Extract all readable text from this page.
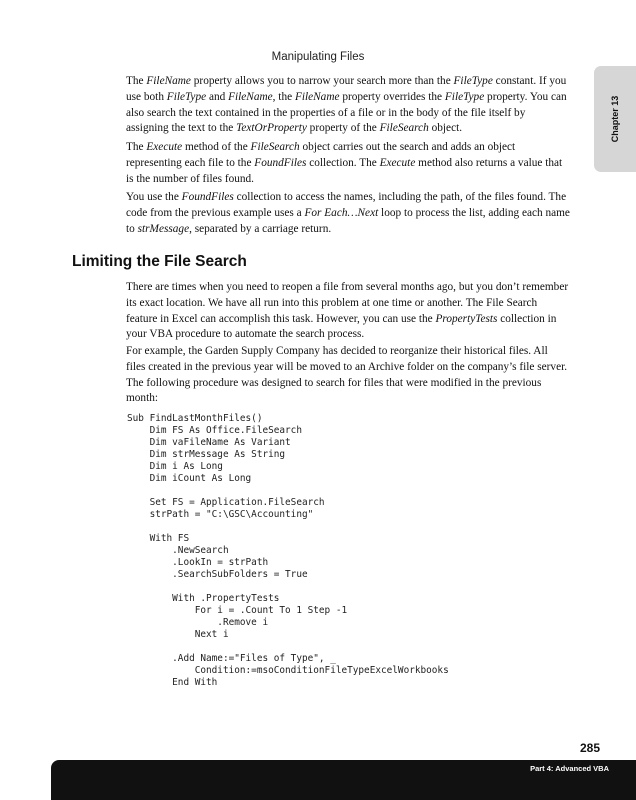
Manipulating Files
Chapter 13

The FileName property allows you to narrow your search more than the FileType constant. If you use both FileType and FileName, the FileName property overrides the FileType property. You can also search the text contained in the properties of a file or in the body of the file itself by assigning the text to the TextOrProperty property of the FileSearch object.

The Execute method of the FileSearch object carries out the search and adds an object representing each file to the FoundFiles collection. The Execute method also returns a value that is the number of files found.

You use the FoundFiles collection to access the names, including the path, of the files found. The code from the previous example uses a For Each…Next loop to process the list, adding each name to strMessage, separated by a carriage return.

Limiting the File Search

There are times when you need to reopen a file from several months ago, but you don’t remember its exact location. We have all run into this problem at one time or another. The File Search feature in Excel can accomplish this task. However, you can use the PropertyTests collection in your VBA procedure to automate the search process.

For example, the Garden Supply Company has decided to reorganize their historical files. All files created in the previous year will be moved to an Archive folder on the company’s file server. The following procedure was designed to search for files that were modified in the previous month:

Sub FindLastMonthFiles()
Dim FS As Office.FileSearch
Dim vaFileName As Variant
Dim strMessage As String
Dim i As Long
Dim iCount As Long
Set FS = Application.FileSearch
strPath = "C:\GSC\Accounting"
With FS
.NewSearch
.LookIn = strPath
.SearchSubFolders = True
With .PropertyTests
For i = .Count To 1 Step -1
.Remove i
Next i
.Add Name:="Files of Type", _
Condition:=msoConditionFileTypeExcelWorkbooks
End With
285
Part 4: Advanced VBA
